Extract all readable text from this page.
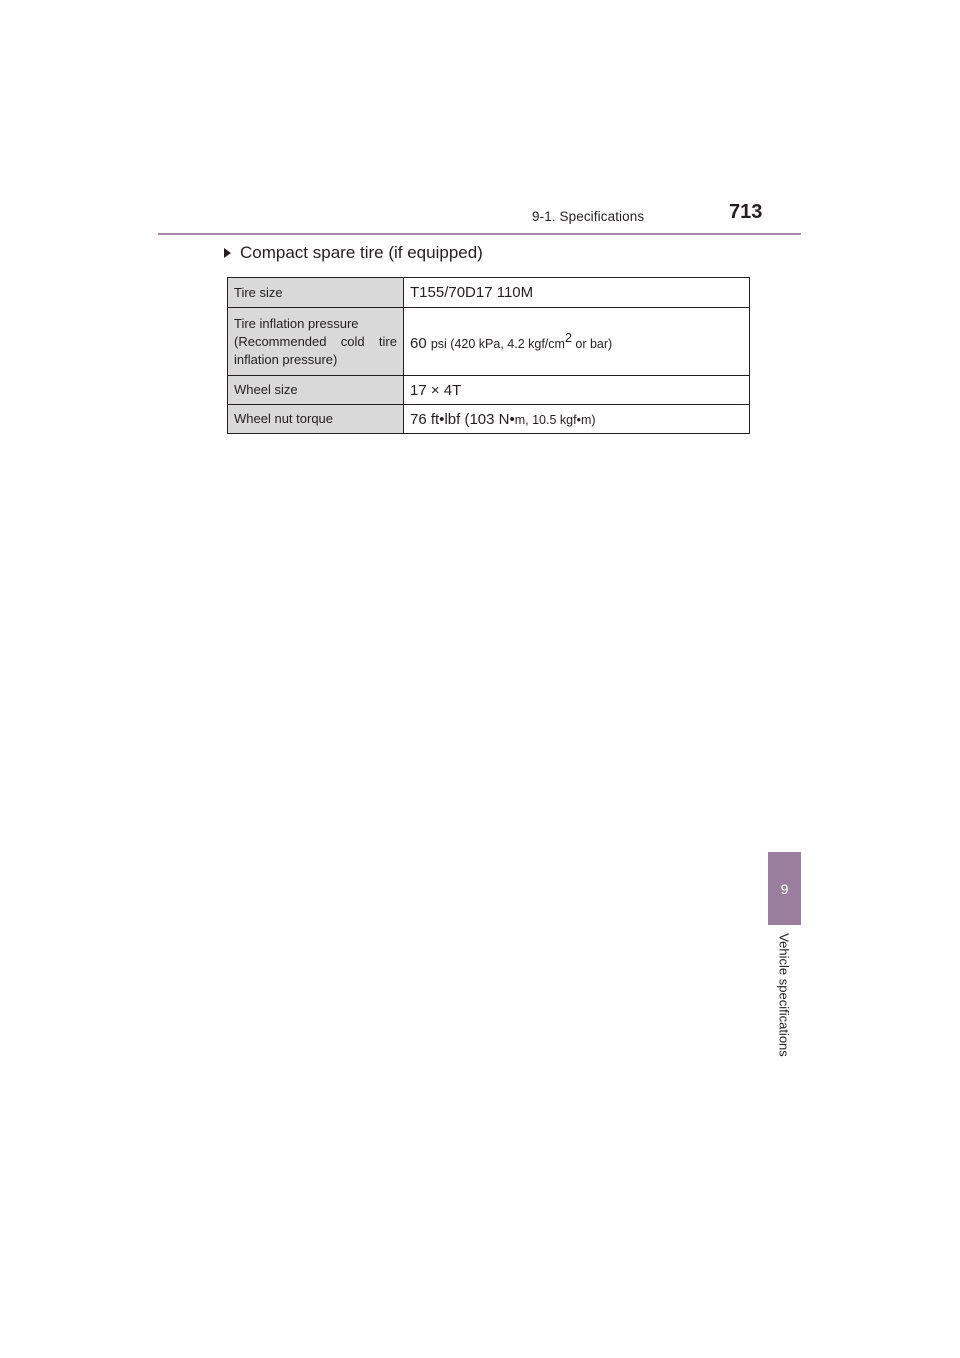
9-1. Specifications	713
Compact spare tire (if equipped)
Tire size	T155/70D17 110M
Tire inflation pressure

(Recommended cold tire
inflation pressure)	60 psi (420 kPa, 4.2 kgf/$cm^2$ or bar)
Wheel size	17 × 4T
Wheel nut torque	76 ft•lbf (103 N•m, 10.5 kgf•m)
9
Vehicle specifications
